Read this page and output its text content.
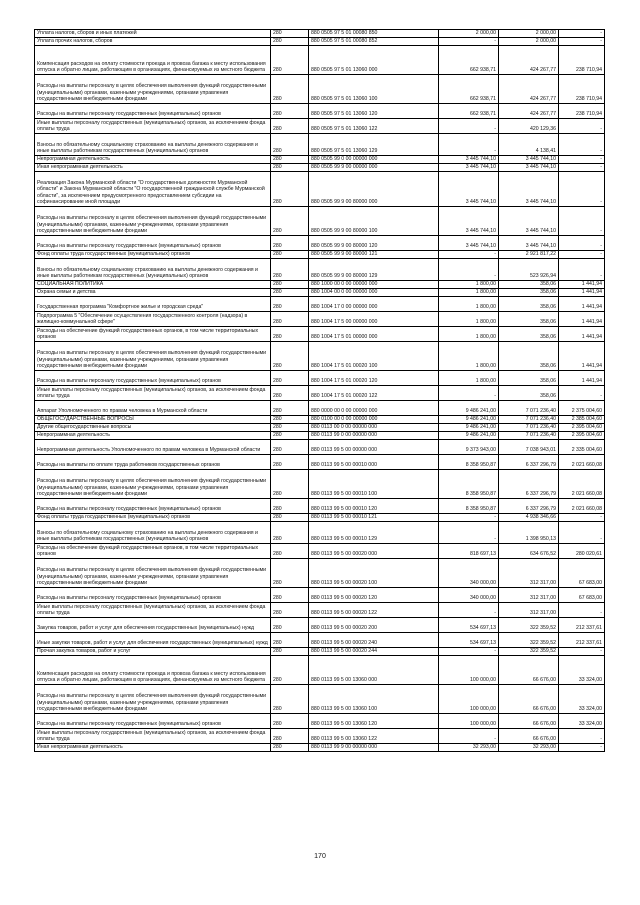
Уплата налогов, сборов и иных платежей	280	880 0505 97 5 01 00080 850	2 000,00	2 000,00	-
Уплата прочих налогов, сборов	280	880 0505 97 5 01 00080 852	-	2 000,00	-
Компенсация расходов на оплату стоимости проезда и провоза багажа к месту использования отпуска и обратно лицам, работающим в организациях, финансируемых из местного бюджета	280	880 0505 97 5 01 13060 000	662 938,71	424 267,77	238 710,94
Расходы на выплаты персоналу в целях обеспечения выполнения функций государственными (муниципальными) органами, казенными учреждениями, органами управления государственными внебюджетными фондами	280	880 0505 97 5 01 13060 100	662 938,71	424 267,77	238 710,94
Расходы на выплаты персоналу государственных (муниципальных) органов	280	880 0505 97 5 01 13060 120	662 938,71	424 267,77	238 710,94
Иные выплаты персоналу государственных (муниципальных) органов, за исключением фонда оплаты труда	280	880 0505 97 5 01 13060 122	-	420 129,36	-
Взносы по обязательному социальному страхованию на выплаты денежного содержания и иные выплаты работникам государственных (муниципальных) органов	280	880 0505 97 5 01 13060 129	-	4 138,41	-
Непрограммная деятельность	280	880 0505 99 0 00 00000 000	3 445 744,10	3 445 744,10	-
Иная непрограммная деятельность	280	880 0505 99 9 00 00000 000	3 445 744,10	3 445 744,10	-
Реализация Закона Мурманской области "О государственных должностях Мурманской области" и Закона Мурманской области "О государственной гражданской службе Мурманской области", за исключением предусмотренного предоставлением субсидии на софинансирование иной площади	280	880 0505 99 9 00 80000 000	3 445 744,10	3 445 744,10	-
Расходы на выплаты персоналу в целях обеспечения выполнения функций государственными (муниципальными) органами, казенными учреждениями, органами управления государственными внебюджетными фондами	280	880 0505 99 9 00 80000 100	3 445 744,10	3 445 744,10	-
Расходы на выплаты персоналу государственных (муниципальных) органов	280	880 0505 99 9 00 80000 120	3 445 744,10	3 445 744,10	-
Фонд оплаты труда государственных (муниципальных) органов	280	880 0505 99 9 00 80000 121	-	2 921 817,22	-
Взносы по обязательному социальному страхованию на выплаты денежного содержания и иные выплаты работникам государственных (муниципальных) органов	280	880 0505 99 9 00 80000 129	-	523 926,94	-
СОЦИАЛЬНАЯ ПОЛИТИКА	280	880 1000 00 0 00 00000 000	1 800,00	358,06	1 441,94
Охрана семьи и детства	280	880 1004 00 0 00 00000 000	1 800,00	358,06	1 441,94
Государственная программа "Комфортное жилье и городская среда"	280	880 1004 17 0 00 00000 000	1 800,00	358,06	1 441,94
Подпрограмма 5 "Обеспечение осуществления государственного контроля (надзора) в жилищно-коммунальной сфере"	280	880 1004 17 5 00 00000 000	1 800,00	358,06	1 441,94
Расходы на обеспечение функций государственных органов, в том числе территориальных органов	280	880 1004 17 5 01 00000 000	1 800,00	358,06	1 441,94
Расходы на выплаты персоналу в целях обеспечения выполнения функций государственными (муниципальными) органами, казенными учреждениями, органами управления государственными внебюджетными фондами	280	880 1004 17 5 01 00020 100	1 800,00	358,06	1 441,94
Расходы на выплаты персоналу государственных (муниципальных) органов	280	880 1004 17 5 01 00020 120	1 800,00	358,06	1 441,94
Иные выплаты персоналу государственных (муниципальных) органов, за исключением фонда оплаты труда	280	880 1004 17 5 01 00020 122	-	358,06	-
Аппарат Уполномоченного по правам человека в Мурманской области	280	880 0000 00 0 00 00000 000	9 486 241,00	7 071 236,40	2 375 004,60
ОБЩЕГОСУДАРСТВЕННЫЕ ВОПРОСЫ	280	880 0100 00 0 00 00000 000	9 486 241,00	7 071 236,40	2 385 004,60
Другие общегосударственные вопросы	280	880 0113 00 0 00 00000 000	9 486 241,00	7 071 236,40	2 395 004,60
Непрограммная деятельность	280	880 0113 99 0 00 00000 000	9 486 241,00	7 071 236,40	2 395 004,60
Непрограммная деятельность Уполномоченного по правам человека в Мурманской области	280	880 0113 99 5 00 00000 000	9 373 943,00	7 038 943,01	2 335 004,60
Расходы на выплаты по оплате труда работников государственных органов	280	880 0113 99 5 00 00010 000	8 358 950,87	6 337 296,79	2 021 660,08
Расходы на выплаты персоналу в целях обеспечения выполнения функций государственными (муниципальными) органами, казенными учреждениями, органами управления государственными внебюджетными фондами	280	880 0113 99 5 00 00010 100	8 358 950,87	6 337 296,79	2 021 660,08
Расходы на выплаты персоналу государственных (муниципальных) органов	280	880 0113 99 5 00 00010 120	8 358 950,87	6 337 296,79	2 021 660,08
Фонд оплаты труда государственных (муниципальных) органов	280	880 0113 99 5 00 00010 121	-	4 938 346,66	-
Взносы по обязательному социальному страхованию на выплаты денежного содержания и иные выплаты работникам государственных (муниципальных) органов	280	880 0113 99 5 00 00010 129	-	1 398 950,13	-
Расходы на обеспечение функций государственных органов, в том числе территориальных органов	280	880 0113 99 5 00 00020 000	818 697,13	634 676,52	280 020,61
Расходы на выплаты персоналу в целях обеспечения выполнения функций государственными (муниципальными) органами, казенными учреждениями, органами управления государственными внебюджетными фондами	280	880 0113 99 5 00 00020 100	340 000,00	312 317,00	67 683,00
Расходы на выплаты персоналу государственных (муниципальных) органов	280	880 0113 99 5 00 00020 120	340 000,00	312 317,00	67 683,00
Иные выплаты персоналу государственных (муниципальных) органов, за исключением фонда оплаты труда	280	880 0113 99 5 00 00020 122	-	312 317,00	-
Закупка товаров, работ и услуг для обеспечения государственных (муниципальных) нужд	280	880 0113 99 5 00 00020 200	534 697,13	322 359,52	212 337,61
Иные закупки товаров, работ и услуг для обеспечения государственных (муниципальных) нужд	280	880 0113 99 5 00 00020 240	534 697,13	322 359,52	212 337,61
Прочая закупка товаров, работ и услуг	280	880 0113 99 5 00 00020 244	-	322 359,52	-
Компенсация расходов на оплату стоимости проезда и провоза багажа к месту использования отпуска и обратно лицам, работающим в организациях, финансируемых из местного бюджета	280	880 0113 99 5 00 13060 000	100 000,00	66 676,00	33 324,00
Расходы на выплаты персоналу в целях обеспечения выполнения функций государственными (муниципальными) органами, казенными учреждениями, органами управления государственными внебюджетными фондами	280	880 0113 99 5 00 13060 100	100 000,00	66 676,00	33 324,00
Расходы на выплаты персоналу государственных (муниципальных) органов	280	880 0113 99 5 00 13060 120	100 000,00	66 676,00	33 324,00
Иные выплаты персоналу государственных (муниципальных) органов, за исключением фонда оплаты труда	280	880 0113 99 5 00 13060 122	-	66 676,00	-
Иная непрограммная деятельность	280	880 0113 99 9 00 00000 000	32 293,00	32 293,00	-
170
